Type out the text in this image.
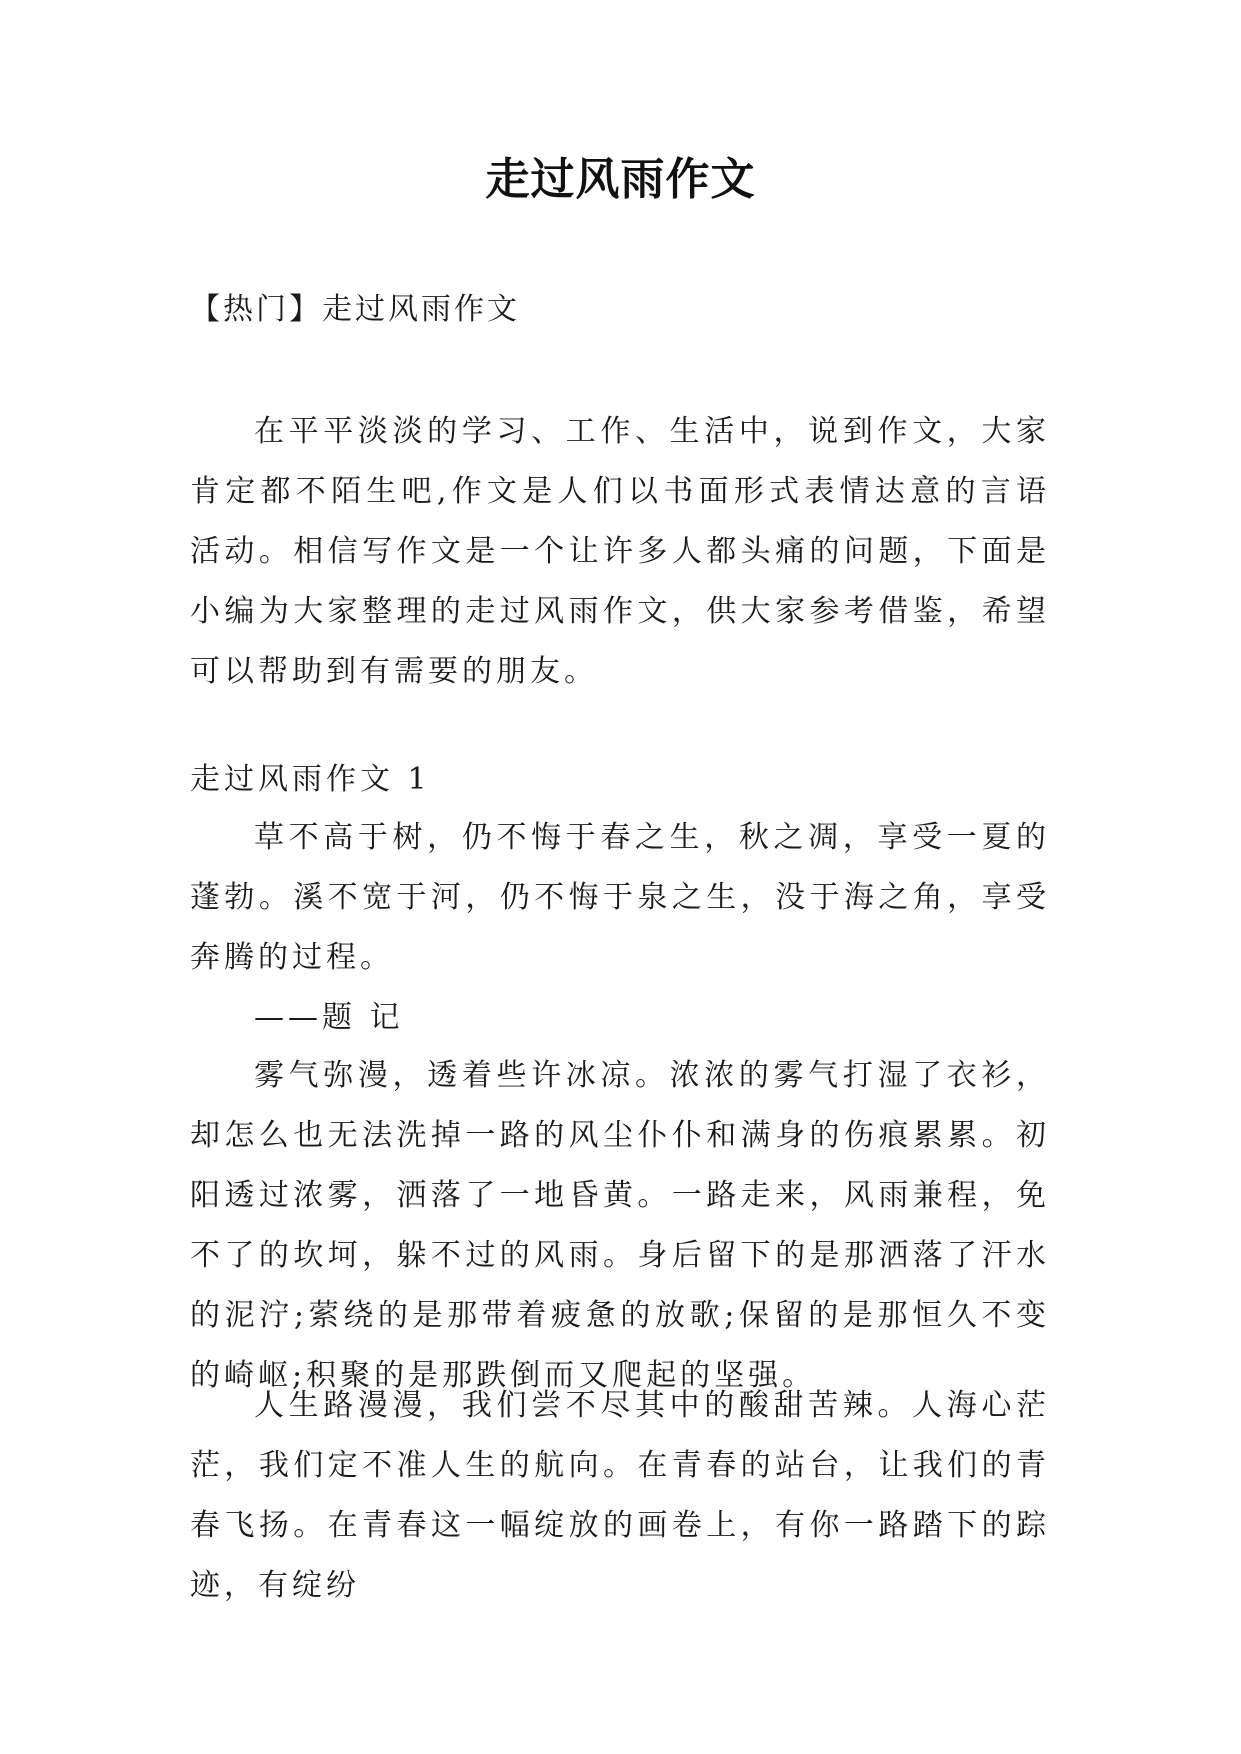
走过风雨作文

【热门】走过风雨作文

在平平淡淡的学习、工作、生活中，说到作文，大家肯定都不陌生吧,作文是人们以书面形式表情达意的言语活动。相信写作文是一个让许多人都头痛的问题，下面是小编为大家整理的走过风雨作文，供大家参考借鉴，希望可以帮助到有需要的朋友。

走过风雨作文 1

草不高于树，仍不悔于春之生，秋之凋，享受一夏的蓬勃。溪不宽于河，仍不悔于泉之生，没于海之角，享受奔腾的过程。

——题 记

雾气弥漫，透着些许冰凉。浓浓的雾气打湿了衣衫，却怎么也无法洗掉一路的风尘仆仆和满身的伤痕累累。初阳透过浓雾，洒落了一地昏黄。一路走来，风雨兼程，免不了的坎坷，躲不过的风雨。身后留下的是那洒落了汗水的泥泞;萦绕的是那带着疲惫的放歌;保留的是那恒久不变的崎岖;积聚的是那跌倒而又爬起的坚强。

人生路漫漫，我们尝不尽其中的酸甜苦辣。人海心茫茫，我们定不准人生的航向。在青春的站台，让我们的青春飞扬。在青春这一幅绽放的画卷上，有你一路踏下的踪迹，有绽纷
